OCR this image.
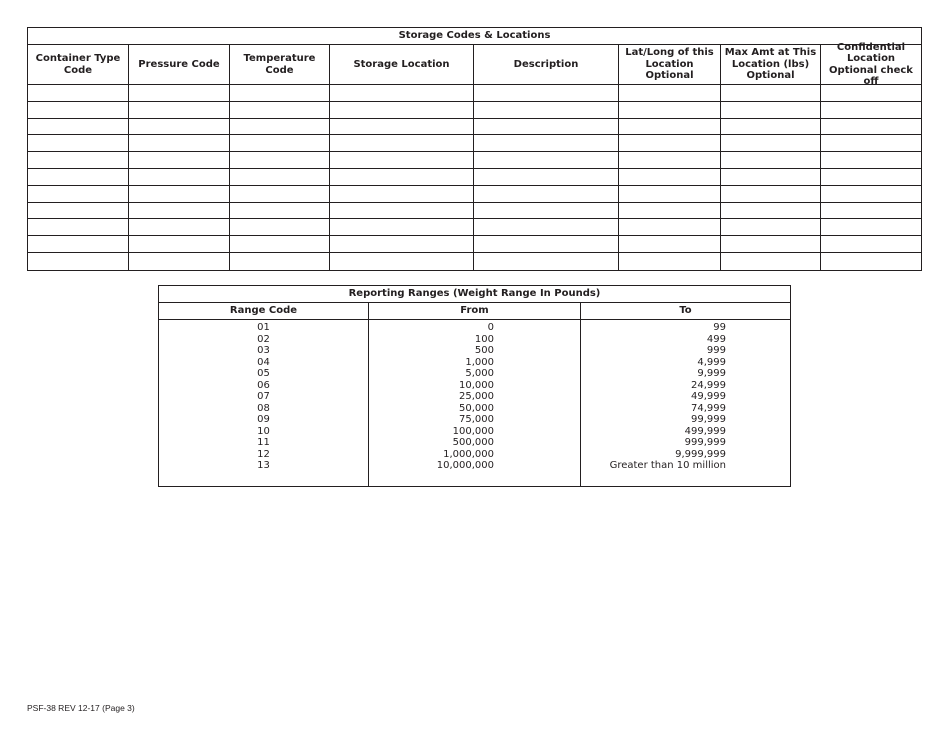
Storage Codes & Locations
Container Type Code
Pressure Code
Temperature Code
Storage Location	Description
Lat/Long of this Location Optional
Max Amt at This Location (lbs) Optional
Confidential Location Optional check off
Reporting Ranges (Weight Range In Pounds)
Range Code
01
02
03
04
05
06
07
08
09
10
11
12
13
From
0
100
500
1,000
5,000
10,000
25,000
50,000
75,000
100,000
500,000
1,000,000
10,000,000
To
99
499
999
4,999
9,999
24,999
49,999
74,999
99,999
499,999
999,999
9,999,999
Greater than 10 million
PSF-38 REV 12-17 (Page 3)
